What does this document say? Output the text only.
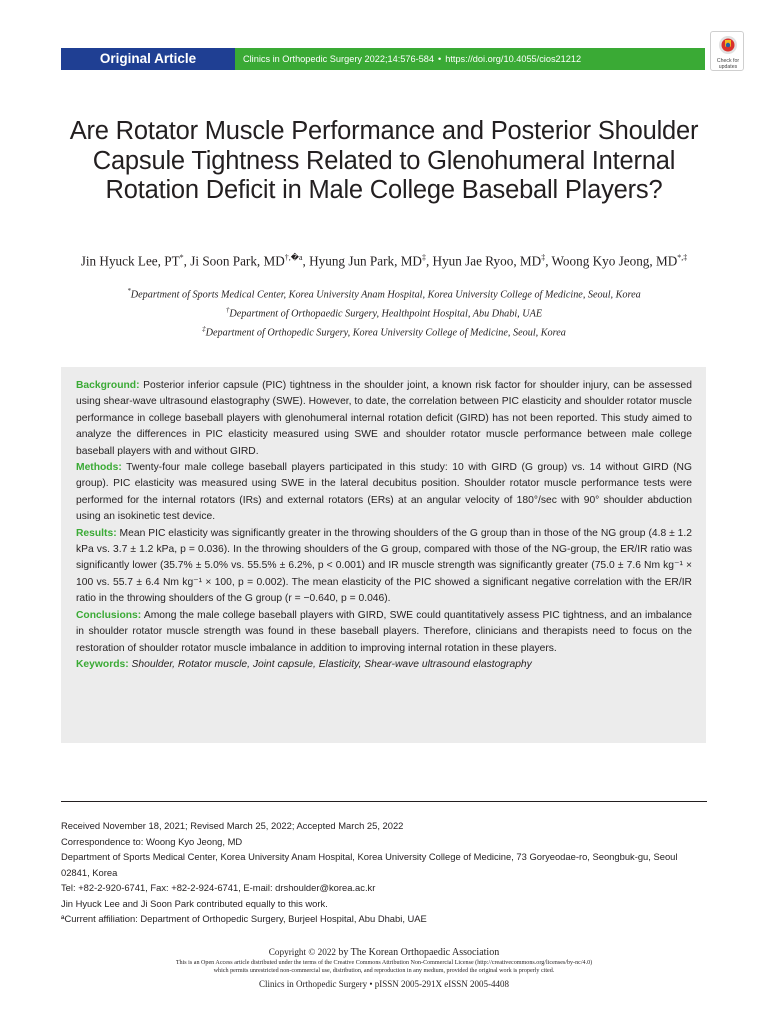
Original Article	Clinics in Orthopedic Surgery 2022;14:576-584 • https://doi.org/10.4055/cios21212	Check for
updates
Are Rotator Muscle Performance and Posterior Shoulder Capsule Tightness Related to Glenohumeral Internal Rotation Deficit in Male College Baseball Players?
Jin Hyuck Lee, PT*, Ji Soon Park, $MD^{\dagger,�a}$, Hyung Jun Park, MD‡, Hyun Jae Ryoo, MD‡, Woong Kyo Jeong, MD*,‡
*Department of Sports Medical Center, Korea University Anam Hospital, Korea University College of Medicine, Seoul, Korea
†Department of Orthopaedic Surgery, Healthpoint Hospital, Abu Dhabi, UAE
‡Department of Orthopedic Surgery, Korea University College of Medicine, Seoul, Korea

Background: Posterior inferior capsule (PIC) tightness in the shoulder joint, a known risk factor for shoulder injury, can be assessed using shear-wave ultrasound elastography (SWE). However, to date, the correlation between PIC elasticity and shoulder rotator muscle performance in college baseball players with glenohumeral internal rotation deficit (GIRD) has not been reported. This study aimed to analyze the differences in PIC elasticity measured using SWE and shoulder rotator muscle performance between male college baseball players with and without GIRD.

Methods: Twenty-four male college baseball players participated in this study: 10 with GIRD (G group) vs. 14 without GIRD (NG group). PIC elasticity was measured using SWE in the lateral decubitus position. Shoulder rotator muscle performance tests were performed for the internal rotators (IRs) and external rotators (ERs) at an angular velocity of 180°/sec with 90° shoulder abduction using an isokinetic test device.

Results: Mean PIC elasticity was significantly greater in the throwing shoulders of the G group than in those of the NG group (4.8 ± 1.2 kPa vs. 3.7 ± 1.2 kPa, p = 0.036). In the throwing shoulders of the G group, compared with those of the NG-group, the ER/IR ratio was significantly lower (35.7% ± 5.0% vs. 55.5% ± 6.2%, p < 0.001) and IR muscle strength was significantly greater (75.0 ± 7.6 Nm kg⁻¹ × 100 vs. 55.7 ± 6.4 Nm kg⁻¹ × 100, p = 0.002). The mean elasticity of the PIC showed a significant negative correlation with the ER/IR ratio in the throwing shoulders of the G group (r = −0.640, p = 0.046).

Conclusions: Among the male college baseball players with GIRD, SWE could quantitatively assess PIC tightness, and an imbalance in shoulder rotator muscle strength was found in these baseball players. Therefore, clinicians and therapists need to focus on the restoration of shoulder rotator muscle imbalance in addition to improving internal rotation in these players.

Keywords: Shoulder, Rotator muscle, Joint capsule, Elasticity, Shear-wave ultrasound elastography

Received November 18, 2021; Revised March 25, 2022; Accepted March 25, 2022

Correspondence to: Woong Kyo Jeong, MD

Department of Sports Medical Center, Korea University Anam Hospital, Korea University College of Medicine, 73 Goryeodae-ro, Seongbuk-gu, Seoul 02841, Korea

Tel: +82-2-920-6741, Fax: +82-2-924-6741, E-mail: drshoulder@korea.ac.kr

Jin Hyuck Lee and Ji Soon Park contributed equally to this work.

ªCurrent affiliation: Department of Orthopedic Surgery, Burjeel Hospital, Abu Dhabi, UAE

Copyright © 2022 by The Korean Orthopaedic Association
This is an Open Access article distributed under the terms of the Creative Commons Attribution Non-Commercial License (http://creativecommons.org/licenses/by-nc/4.0)
which permits unrestricted non-commercial use, distribution, and reproduction in any medium, provided the original work is properly cited.
Clinics in Orthopedic Surgery • pISSN 2005-291X eISSN 2005-4408
